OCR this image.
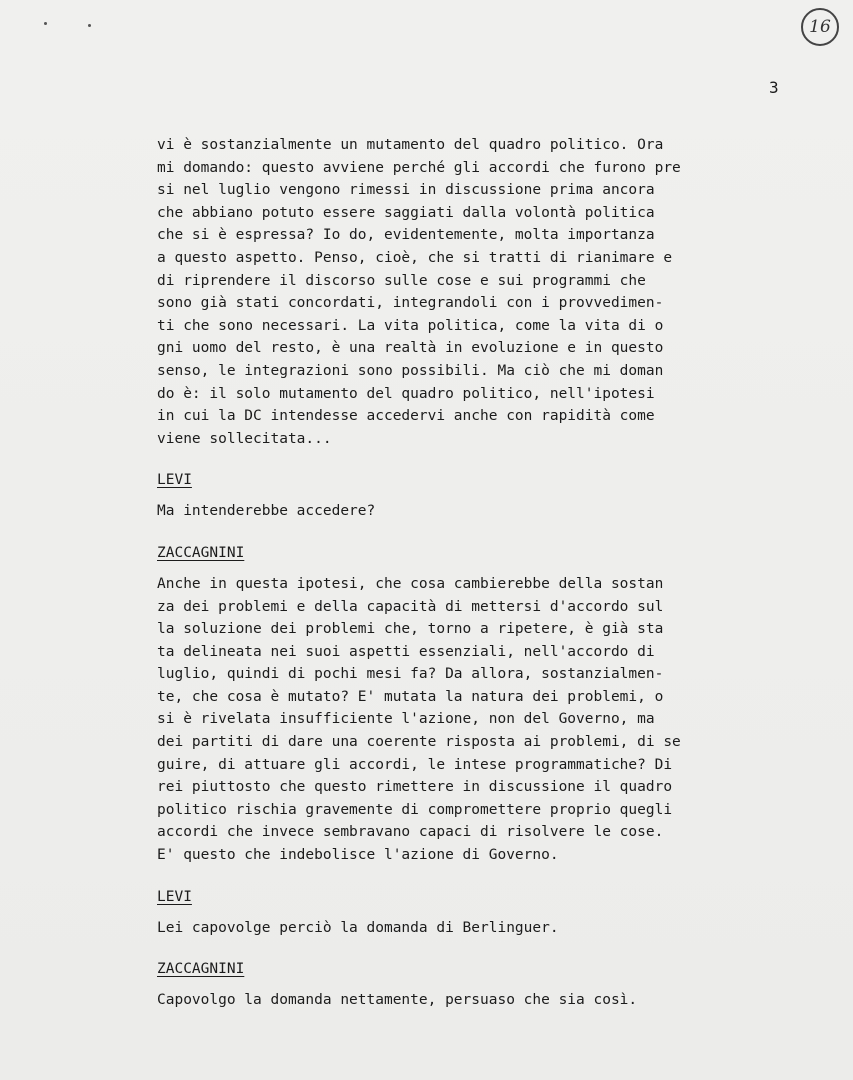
16
3
vi è sostanzialmente un mutamento del quadro politico. Ora
mi domando: questo avviene perché gli accordi che furono pre
si nel luglio vengono rimessi in discussione prima ancora
che abbiano potuto essere saggiati dalla volontà politica
che si è espressa? Io do, evidentemente, molta importanza
a questo aspetto. Penso, cioè, che si tratti di rianimare e
di riprendere il discorso sulle cose e sui programmi che
sono già stati concordati, integrandoli con i provvedimen-
ti che sono necessari. La vita politica, come la vita di o
gni uomo del resto, è una realtà in evoluzione e in questo
senso, le integrazioni sono possibili. Ma ciò che mi doman
do è: il solo mutamento del quadro politico, nell'ipotesi
in cui la DC intendesse accedervi anche con rapidità come
viene sollecitata...
LEVI
Ma intenderebbe accedere?
ZACCAGNINI
Anche in questa ipotesi, che cosa cambierebbe della sostan
za dei problemi e della capacità di mettersi d'accordo sul
la soluzione dei problemi che, torno a ripetere, è già sta
ta delineata nei suoi aspetti essenziali, nell'accordo di
luglio, quindi di pochi mesi fa? Da allora, sostanzialmen-
te, che cosa è mutato? E' mutata la natura dei problemi, o
si è rivelata insufficiente l'azione, non del Governo, ma
dei partiti di dare una coerente risposta ai problemi, di se
guire, di attuare gli accordi, le intese programmatiche? Di
rei piuttosto che questo rimettere in discussione il quadro
politico rischia gravemente di compromettere proprio quegli
accordi che invece sembravano capaci di risolvere le cose.
E' questo che indebolisce l'azione di Governo.
LEVI
Lei capovolge perciò la domanda di Berlinguer.
ZACCAGNINI
Capovolgo la domanda nettamente, persuaso che sia così.
